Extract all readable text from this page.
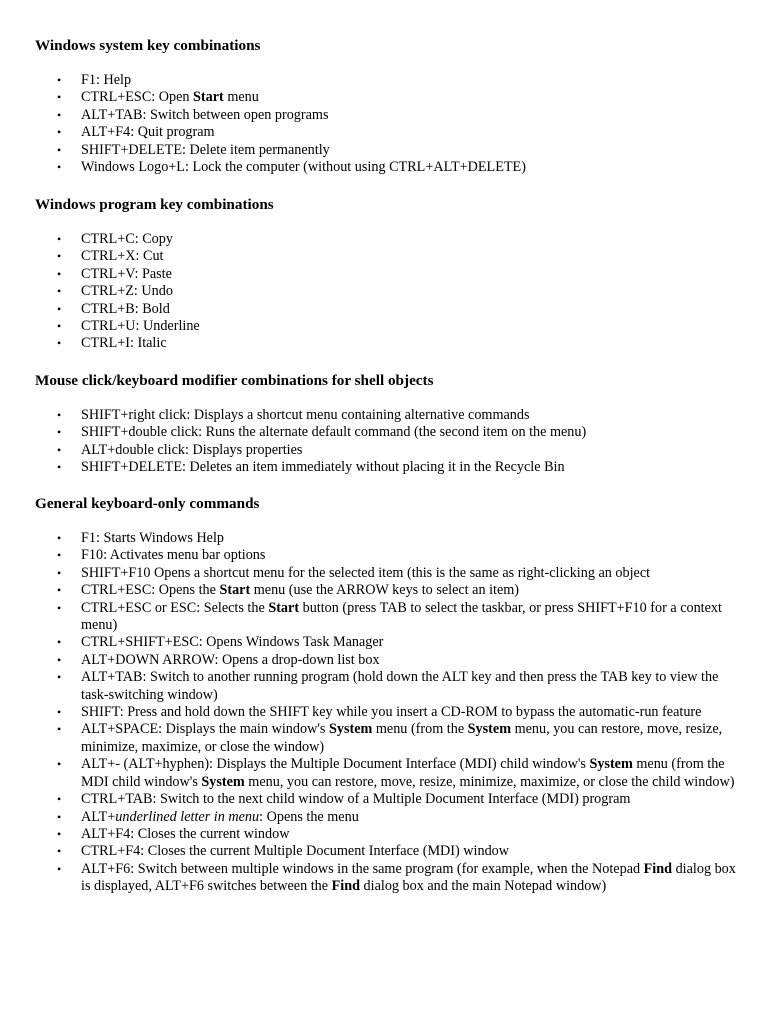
Windows system key combinations
• F1: Help
• CTRL+ESC: Open Start menu
• ALT+TAB: Switch between open programs
• ALT+F4: Quit program
• SHIFT+DELETE: Delete item permanently
• Windows Logo+L: Lock the computer (without using CTRL+ALT+DELETE)
Windows program key combinations
• CTRL+C: Copy
• CTRL+X: Cut
• CTRL+V: Paste
• CTRL+Z: Undo
• CTRL+B: Bold
• CTRL+U: Underline
• CTRL+I: Italic
Mouse click/keyboard modifier combinations for shell objects
• SHIFT+right click: Displays a shortcut menu containing alternative commands
• SHIFT+double click: Runs the alternate default command (the second item on the menu)
• ALT+double click: Displays properties
• SHIFT+DELETE: Deletes an item immediately without placing it in the Recycle Bin
General keyboard-only commands
• F1: Starts Windows Help
• F10: Activates menu bar options
• SHIFT+F10 Opens a shortcut menu for the selected item (this is the same as right-clicking an object
• CTRL+ESC: Opens the Start menu (use the ARROW keys to select an item)
• CTRL+ESC or ESC: Selects the Start button (press TAB to select the taskbar, or press SHIFT+F10 for a context menu)
• CTRL+SHIFT+ESC: Opens Windows Task Manager
• ALT+DOWN ARROW: Opens a drop-down list box
• ALT+TAB: Switch to another running program (hold down the ALT key and then press the TAB key to view the task-switching window)
• SHIFT: Press and hold down the SHIFT key while you insert a CD-ROM to bypass the automatic-run feature
• ALT+SPACE: Displays the main window's System menu (from the System menu, you can restore, move, resize, minimize, maximize, or close the window)
• ALT+- (ALT+hyphen): Displays the Multiple Document Interface (MDI) child window's System menu (from the MDI child window's System menu, you can restore, move, resize, minimize, maximize, or close the child window)
• CTRL+TAB: Switch to the next child window of a Multiple Document Interface (MDI) program
• ALT+underlined letter in menu: Opens the menu
• ALT+F4: Closes the current window
• CTRL+F4: Closes the current Multiple Document Interface (MDI) window
• ALT+F6: Switch between multiple windows in the same program (for example, when the Notepad Find dialog box is displayed, ALT+F6 switches between the Find dialog box and the main Notepad window)
